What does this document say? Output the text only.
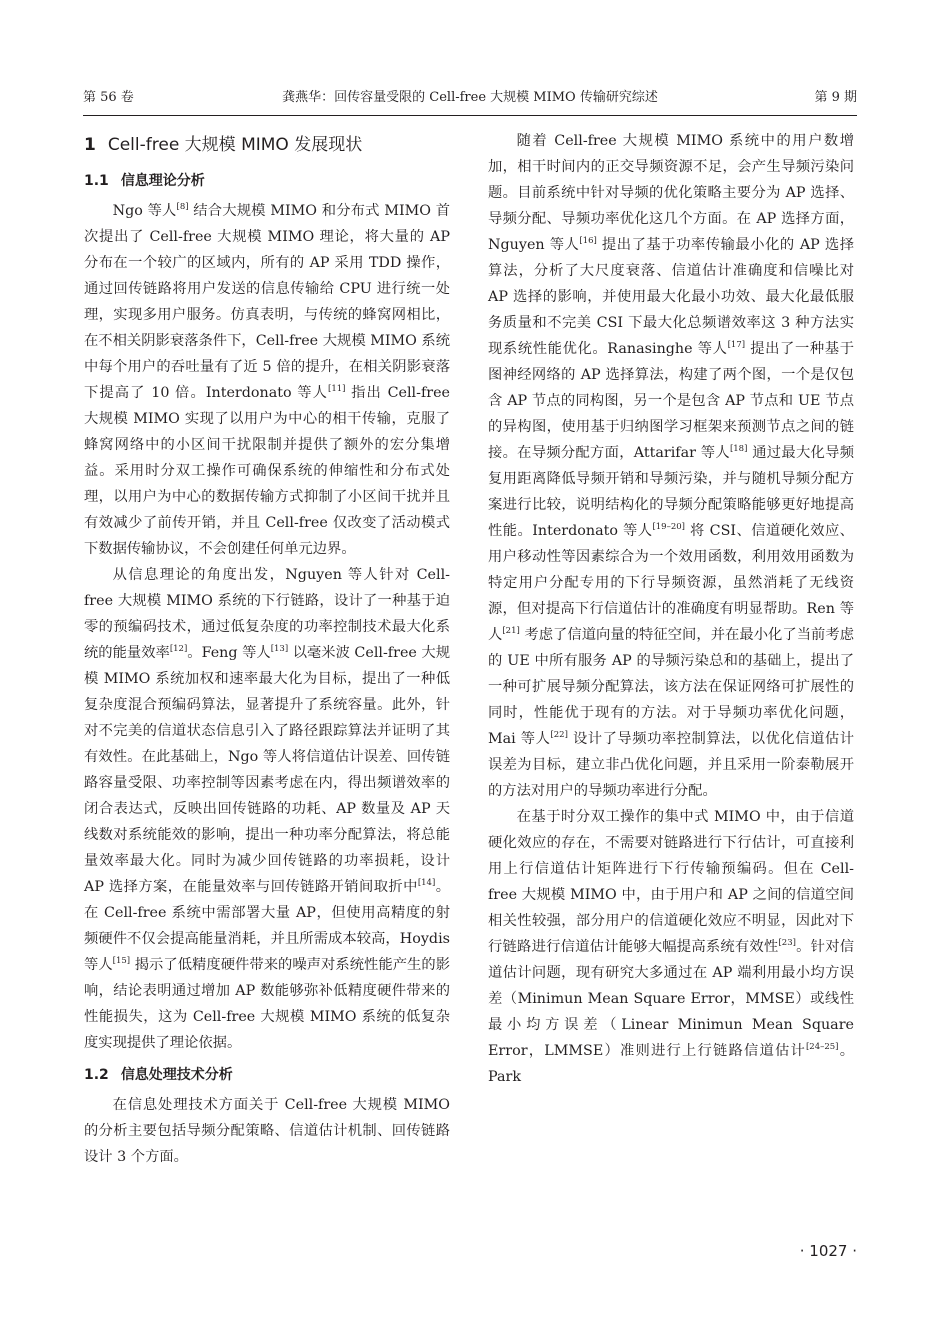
第 56 卷	龚燕华：回传容量受限的 Cell-free 大规模 MIMO 传输研究综述	第 9 期
1 Cell-free 大规模 MIMO 发展现状
1.1 信息理论分析

Ngo 等人[8] 结合大规模 MIMO 和分布式 MIMO 首次提出了 Cell-free 大规模 MIMO 理论，将大量的 AP 分布在一个较广的区域内，所有的 AP 采用 TDD 操作，通过回传链路将用户发送的信息传输给 CPU 进行统一处理，实现多用户服务。仿真表明，与传统的蜂窝网相比，在不相关阴影衰落条件下，Cell-free 大规模 MIMO 系统中每个用户的吞吐量有了近 5 倍的提升，在相关阴影衰落下提高了 10 倍。Interdonato 等人[11] 指出 Cell-free 大规模 MIMO 实现了以用户为中心的相干传输，克服了蜂窝网络中的小区间干扰限制并提供了额外的宏分集增益。采用时分双工操作可确保系统的伸缩性和分布式处理，以用户为中心的数据传输方式抑制了小区间干扰并且有效减少了前传开销，并且 Cell-free 仅改变了活动模式下数据传输协议，不会创建任何单元边界。

从信息理论的角度出发，Nguyen 等人针对 Cell-free 大规模 MIMO 系统的下行链路，设计了一种基于迫零的预编码技术，通过低复杂度的功率控制技术最大化系统的能量效率[12]。Feng 等人[13] 以毫米波 Cell-free 大规模 MIMO 系统加权和速率最大化为目标，提出了一种低复杂度混合预编码算法，显著提升了系统容量。此外，针对不完美的信道状态信息引入了路径跟踪算法并证明了其有效性。在此基础上，Ngo 等人将信道估计误差、回传链路容量受限、功率控制等因素考虑在内，得出频谱效率的闭合表达式，反映出回传链路的功耗、AP 数量及 AP 天线数对系统能效的影响，提出一种功率分配算法，将总能量效率最大化。同时为减少回传链路的功率损耗，设计 AP 选择方案，在能量效率与回传链路开销间取折中[14]。在 Cell-free 系统中需部署大量 AP，但使用高精度的射频硬件不仅会提高能量消耗，并且所需成本较高，Hoydis 等人[15] 揭示了低精度硬件带来的噪声对系统性能产生的影响，结论表明通过增加 AP 数能够弥补低精度硬件带来的性能损失，这为 Cell-free 大规模 MIMO 系统的低复杂度实现提供了理论依据。

1.2 信息处理技术分析

在信息处理技术方面关于 Cell-free 大规模 MIMO 的分析主要包括导频分配策略、信道估计机制、回传链路设计 3 个方面。

随着 Cell-free 大规模 MIMO 系统中的用户数增加，相干时间内的正交导频资源不足，会产生导频污染问题。目前系统中针对导频的优化策略主要分为 AP 选择、导频分配、导频功率优化这几个方面。在 AP 选择方面，Nguyen 等人[16] 提出了基于功率传输最小化的 AP 选择算法，分析了大尺度衰落、信道估计准确度和信噪比对 AP 选择的影响，并使用最大化最小功效、最大化最低服务质量和不完美 CSI 下最大化总频谱效率这 3 种方法实现系统性能优化。Ranasinghe 等人[17] 提出了一种基于图神经网络的 AP 选择算法，构建了两个图，一个是仅包含 AP 节点的同构图，另一个是包含 AP 节点和 UE 节点的异构图，使用基于归纳图学习框架来预测节点之间的链接。在导频分配方面，Attarifar 等人[18] 通过最大化导频复用距离降低导频开销和导频污染，并与随机导频分配方案进行比较，说明结构化的导频分配策略能够更好地提高性能。Interdonato 等人[19–20] 将 CSI、信道硬化效应、用户移动性等因素综合为一个效用函数，利用效用函数为特定用户分配专用的下行导频资源，虽然消耗了无线资源，但对提高下行信道估计的准确度有明显帮助。Ren 等人[21] 考虑了信道向量的特征空间，并在最小化了当前考虑的 UE 中所有服务 AP 的导频污染总和的基础上，提出了一种可扩展导频分配算法，该方法在保证网络可扩展性的同时，性能优于现有的方法。对于导频功率优化问题，Mai 等人[22] 设计了导频功率控制算法，以优化信道估计误差为目标，建立非凸优化问题，并且采用一阶泰勒展开的方法对用户的导频功率进行分配。

在基于时分双工操作的集中式 MIMO 中，由于信道硬化效应的存在，不需要对链路进行下行估计，可直接利用上行信道估计矩阵进行下行传输预编码。但在 Cell-free 大规模 MIMO 中，由于用户和 AP 之间的信道空间相关性较强，部分用户的信道硬化效应不明显，因此对下行链路进行信道估计能够大幅提高系统有效性[23]。针对信道估计问题，现有研究大多通过在 AP 端利用最小均方误差（Minimun Mean Square Error，MMSE）或线性最小均方误差（Linear Minimun Mean Square Error，LMMSE）准则进行上行链路信道估计[24–25]。Park

· 1027 ·
